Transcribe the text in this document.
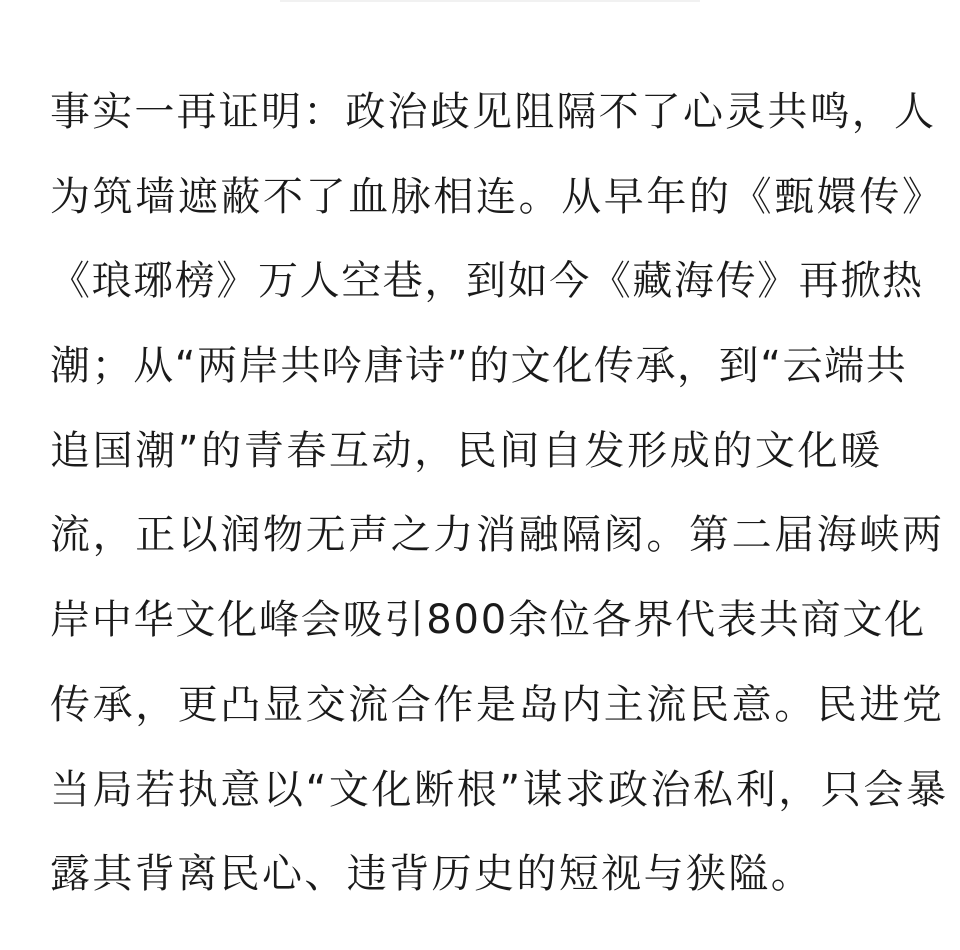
事实一再证明：政治歧见阻隔不了心灵共鸣，人
为筑墙遮蔽不了血脉相连。从早年的《甄嬛传》
《琅琊榜》万人空巷，到如今《藏海传》再掀热
潮；从“两岸共吟唐诗”的文化传承，到“云端共
追国潮”的青春互动，民间自发形成的文化暖
流，正以润物无声之力消融隔阂。第二届海峡两
岸中华文化峰会吸引800余位各界代表共商文化
传承，更凸显交流合作是岛内主流民意。民进党
当局若执意以“文化断根”谋求政治私利，只会暴
露其背离民心、违背历史的短视与狭隘。
